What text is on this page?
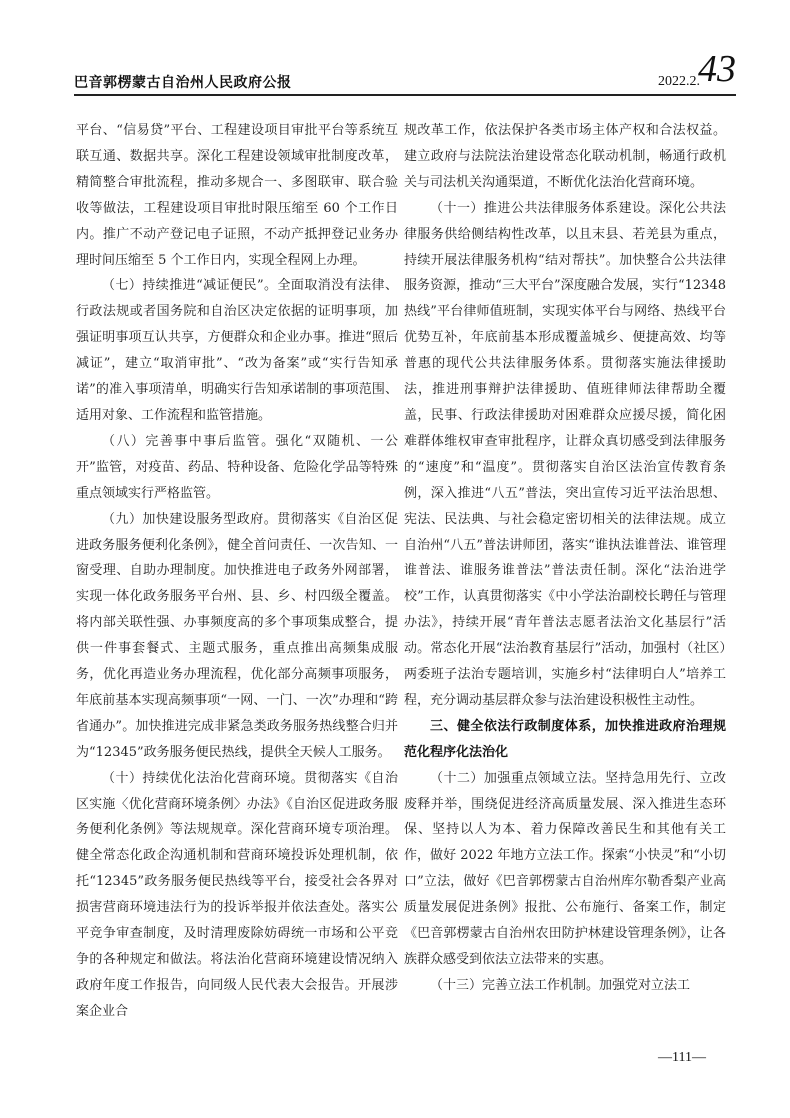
巴音郭楞蒙古自治州人民政府公报	2022.2.
43

平台、“信易贷”平台、工程建设项目审批平台等系统互联互通、数据共享。深化工程建设领域审批制度改革，精简整合审批流程，推动多规合一、多图联审、联合验收等做法，工程建设项目审批时限压缩至 60 个工作日内。推广不动产登记电子证照，不动产抵押登记业务办理时间压缩至 5 个工作日内，实现全程网上办理。

（七）持续推进“减证便民”。全面取消没有法律、行政法规或者国务院和自治区决定依据的证明事项，加强证明事项互认共享，方便群众和企业办事。推进“照后减证”，建立“取消审批”、“改为备案”或“实行告知承诺”的准入事项清单，明确实行告知承诺制的事项范围、适用对象、工作流程和监管措施。

（八）完善事中事后监管。强化“双随机、一公开”监管，对疫苗、药品、特种设备、危险化学品等特殊重点领域实行严格监管。

（九）加快建设服务型政府。贯彻落实《自治区促进政务服务便利化条例》，健全首问责任、一次告知、一窗受理、自助办理制度。加快推进电子政务外网部署，实现一体化政务服务平台州、县、乡、村四级全覆盖。将内部关联性强、办事频度高的多个事项集成整合，提供一件事套餐式、主题式服务，重点推出高频集成服务，优化再造业务办理流程，优化部分高频事项服务，年底前基本实现高频事项“一网、一门、一次”办理和“跨省通办”。加快推进完成非紧急类政务服务热线整合归并为“12345”政务服务便民热线，提供全天候人工服务。

（十）持续优化法治化营商环境。贯彻落实《自治区实施〈优化营商环境条例〉办法》《自治区促进政务服务便利化条例》等法规规章。深化营商环境专项治理。健全常态化政企沟通机制和营商环境投诉处理机制，依托“12345”政务服务便民热线等平台，接受社会各界对损害营商环境违法行为的投诉举报并依法查处。落实公平竞争审查制度，及时清理废除妨碍统一市场和公平竞争的各种规定和做法。将法治化营商环境建设情况纳入政府年度工作报告，向同级人民代表大会报告。开展涉案企业合

规改革工作，依法保护各类市场主体产权和合法权益。建立政府与法院法治建设常态化联动机制，畅通行政机关与司法机关沟通渠道，不断优化法治化营商环境。

（十一）推进公共法律服务体系建设。深化公共法律服务供给侧结构性改革，以且末县、若羌县为重点，持续开展法律服务机构“结对帮扶”。加快整合公共法律服务资源，推动“三大平台”深度融合发展，实行“12348 热线”平台律师值班制，实现实体平台与网络、热线平台优势互补，年底前基本形成覆盖城乡、便捷高效、均等普惠的现代公共法律服务体系。贯彻落实施法律援助法，推进刑事辩护法律援助、值班律师法律帮助全覆盖，民事、行政法律援助对困难群众应援尽援，简化困难群体维权审查审批程序，让群众真切感受到法律服务的“速度”和“温度”。贯彻落实自治区法治宣传教育条例，深入推进“八五”普法，突出宣传习近平法治思想、宪法、民法典、与社会稳定密切相关的法律法规。成立自治州“八五”普法讲师团，落实“谁执法谁普法、谁管理谁普法、谁服务谁普法”普法责任制。深化“法治进学校”工作，认真贯彻落实《中小学法治副校长聘任与管理办法》，持续开展“青年普法志愿者法治文化基层行”活动。常态化开展“法治教育基层行”活动，加强村（社区）两委班子法治专题培训，实施乡村“法律明白人”培养工程，充分调动基层群众参与法治建设积极性主动性。

三、健全依法行政制度体系，加快推进政府治理规范化程序化法治化

（十二）加强重点领域立法。坚持急用先行、立改废释并举，围绕促进经济高质量发展、深入推进生态环保、坚持以人为本、着力保障改善民生和其他有关工作，做好 2022 年地方立法工作。探索“小快灵”和“小切口”立法，做好《巴音郭楞蒙古自治州库尔勒香梨产业高质量发展促进条例》报批、公布施行、备案工作，制定《巴音郭楞蒙古自治州农田防护林建设管理条例》，让各族群众感受到依法立法带来的实惠。

（十三）完善立法工作机制。加强党对立法工

—111—
